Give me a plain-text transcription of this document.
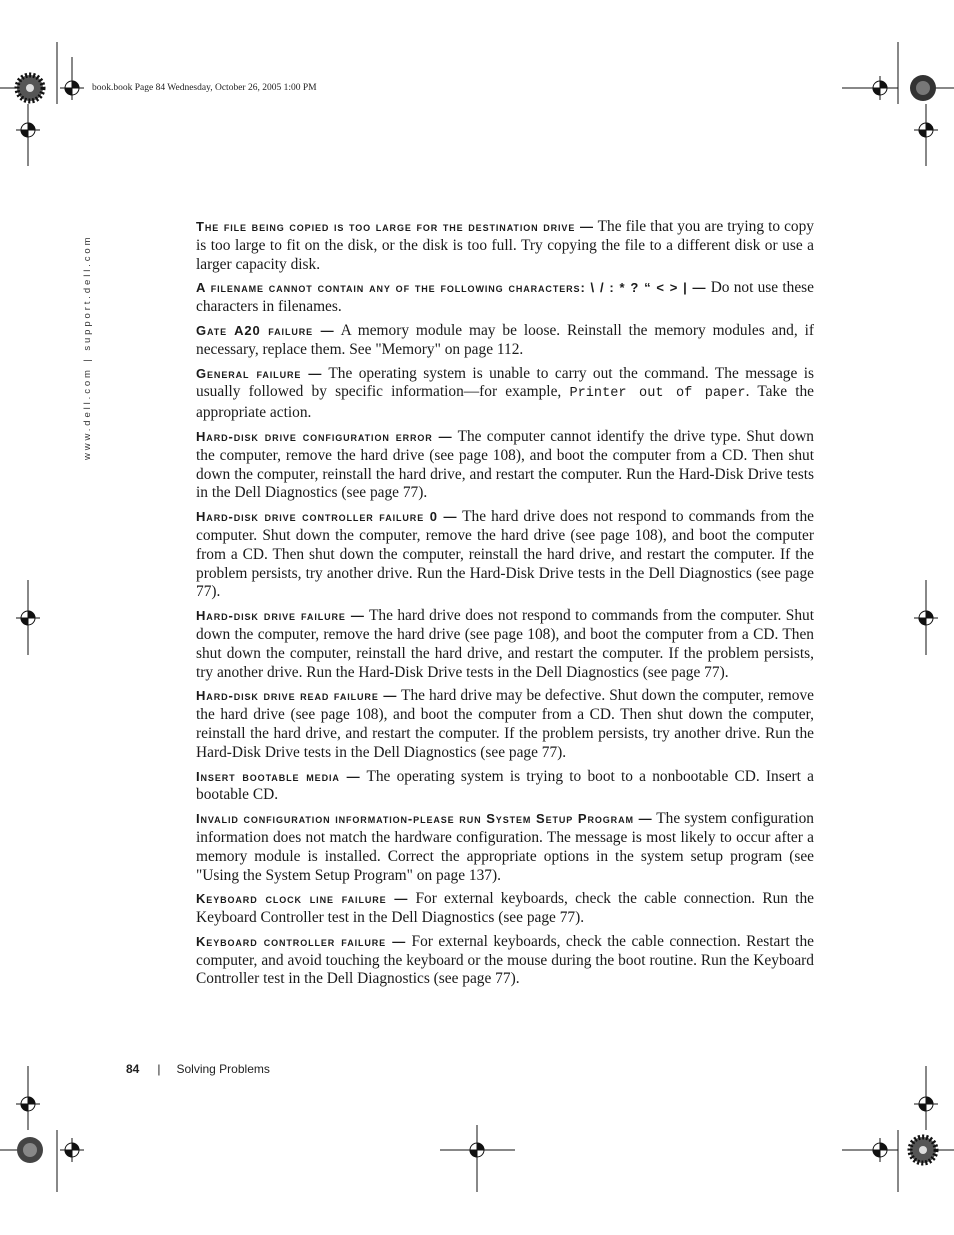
book.book Page 84 Wednesday, October 26, 2005 1:00 PM
www.dell.com | support.dell.com

The file being copied is too large for the destination drive — The file that you are trying to copy is too large to fit on the disk, or the disk is too full. Try copying the file to a different disk or use a larger capacity disk.

A filename cannot contain any of the following characters: \ / : * ? “ < > | — Do not use these characters in filenames.

Gate A20 failure — A memory module may be loose. Reinstall the memory modules and, if necessary, replace them. See "Memory" on page 112.

General failure — The operating system is unable to carry out the command. The message is usually followed by specific information—for example, Printer out of paper. Take the appropriate action.

Hard-disk drive configuration error — The computer cannot identify the drive type. Shut down the computer, remove the hard drive (see page 108), and boot the computer from a CD. Then shut down the computer, reinstall the hard drive, and restart the computer. Run the Hard-Disk Drive tests in the Dell Diagnostics (see page 77).

Hard-disk drive controller failure 0 — The hard drive does not respond to commands from the computer. Shut down the computer, remove the hard drive (see page 108), and boot the computer from a CD. Then shut down the computer, reinstall the hard drive, and restart the computer. If the problem persists, try another drive. Run the Hard-Disk Drive tests in the Dell Diagnostics (see page 77).

Hard-disk drive failure — The hard drive does not respond to commands from the computer. Shut down the computer, remove the hard drive (see page 108), and boot the computer from a CD. Then shut down the computer, reinstall the hard drive, and restart the computer. If the problem persists, try another drive. Run the Hard-Disk Drive tests in the Dell Diagnostics (see page 77).

Hard-disk drive read failure — The hard drive may be defective. Shut down the computer, remove the hard drive (see page 108), and boot the computer from a CD. Then shut down the computer, reinstall the hard drive, and restart the computer. If the problem persists, try another drive. Run the Hard-Disk Drive tests in the Dell Diagnostics (see page 77).

Insert bootable media — The operating system is trying to boot to a nonbootable CD. Insert a bootable CD.

Invalid configuration information-please run System Setup Program — The system configuration information does not match the hardware configuration. The message is most likely to occur after a memory module is installed. Correct the appropriate options in the system setup program (see "Using the System Setup Program" on page 137).

Keyboard clock line failure — For external keyboards, check the cable connection. Run the Keyboard Controller test in the Dell Diagnostics (see page 77).

Keyboard controller failure — For external keyboards, check the cable connection. Restart the computer, and avoid touching the keyboard or the mouse during the boot routine. Run the Keyboard Controller test in the Dell Diagnostics (see page 77).

84 | Solving Problems
